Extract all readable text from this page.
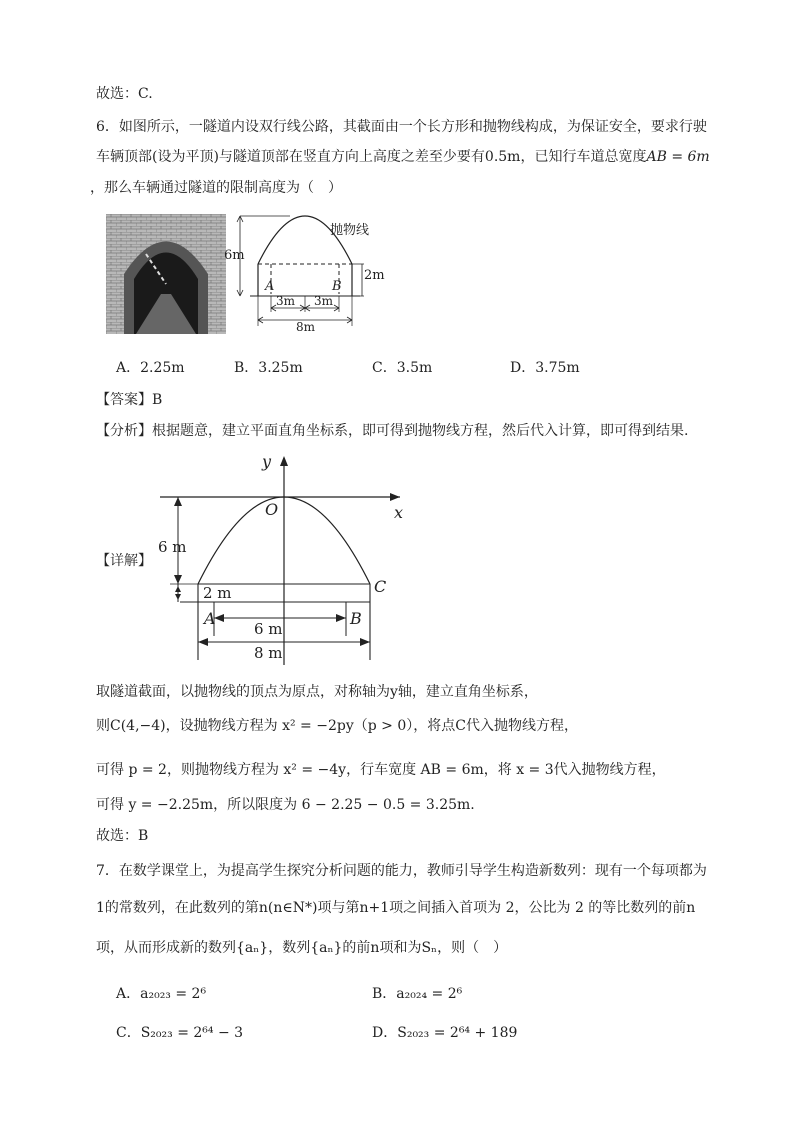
故选：C.
6．如图所示，一隧道内设双行线公路，其截面由一个长方形和抛物线构成，为保证安全，要求行驶
车辆顶部(设为平顶)与隧道顶部在竖直方向上高度之差至少要有0.5m，已知行车道总宽度AB = 6m
，那么车辆通过隧道的限制高度为（　）
抛物线
6m
2m
A	B
3m 3m
8m
A．2.25m	B．3.25m	C．3.5m	D．3.75m
【答案】B
【分析】根据题意，建立平面直角坐标系，即可得到抛物线方程，然后代入计算，即可得到结果.
【详解】
y
x
O
6 m
2 m
A	B
C
6 m
8 m
取隧道截面，以抛物线的顶点为原点，对称轴为y轴，建立直角坐标系，
则C(4,−4)，设抛物线方程为 x² = −2py（p > 0），将点C代入抛物线方程，
可得 p = 2，则抛物线方程为 x² = −4y，行车宽度 AB = 6m，将 x = 3代入抛物线方程，
可得 y = −2.25m，所以限度为 6 − 2.25 − 0.5 = 3.25m.
故选：B
7．在数学课堂上，为提高学生探究分析问题的能力，教师引导学生构造新数列：现有一个每项都为
1的常数列，在此数列的第n(n∈N*)项与第n+1项之间插入首项为 2，公比为 2 的等比数列的前n
项，从而形成新的数列{aₙ}，数列{aₙ}的前n项和为Sₙ，则（　）
A．a₂₀₂₃ = 2⁶	B．a₂₀₂₄ = 2⁶
C．S₂₀₂₃ = 2⁶⁴ − 3	D．S₂₀₂₃ = 2⁶⁴ + 189
